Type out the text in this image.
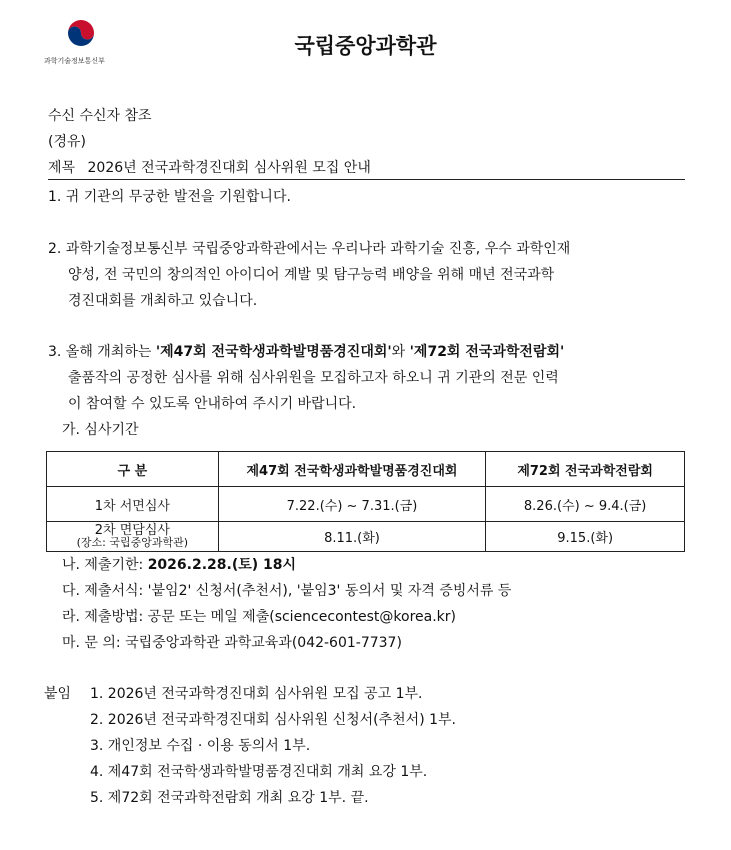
과학기술정보통신부
국립중앙과학관
수신 수신자 참조
(경유)
제목 2026년 전국과학경진대회 심사위원 모집 안내
1. 귀 기관의 무궁한 발전을 기원합니다.
2. 과학기술정보통신부 국립중앙과학관에서는 우리나라 과학기술 진흥, 우수 과학인재
양성, 전 국민의 창의적인 아이디어 계발 및 탐구능력 배양을 위해 매년 전국과학
경진대회를 개최하고 있습니다.
3. 올해 개최하는 '제47회 전국학생과학발명품경진대회'와 '제72회 전국과학전람회'
출품작의 공정한 심사를 위해 심사위원을 모집하고자 하오니 귀 기관의 전문 인력
이 참여할 수 있도록 안내하여 주시기 바랍니다.
가. 심사기간
구 분	제47회 전국학생과학발명품경진대회	제72회 전국과학전람회
1차 서면심사	7.22.(수) ~ 7.31.(금)	8.26.(수) ~ 9.4.(금)

2차 면담심사
(장소: 국립중앙과학관)	8.11.(화)	9.15.(화)
나. 제출기한: 2026.2.28.(토) 18시
다. 제출서식: '붙임2' 신청서(추천서), '붙임3' 동의서 및 자격 증빙서류 등
라. 제출방법: 공문 또는 메일 제출(sciencecontest@korea.kr)
마. 문 의: 국립중앙과학관 과학교육과(042-601-7737)
붙임 1. 2026년 전국과학경진대회 심사위원 모집 공고 1부.
2. 2026년 전국과학경진대회 심사위원 신청서(추천서) 1부.
3. 개인정보 수집 · 이용 동의서 1부.
4. 제47회 전국학생과학발명품경진대회 개최 요강 1부.
5. 제72회 전국과학전람회 개최 요강 1부. 끝.
